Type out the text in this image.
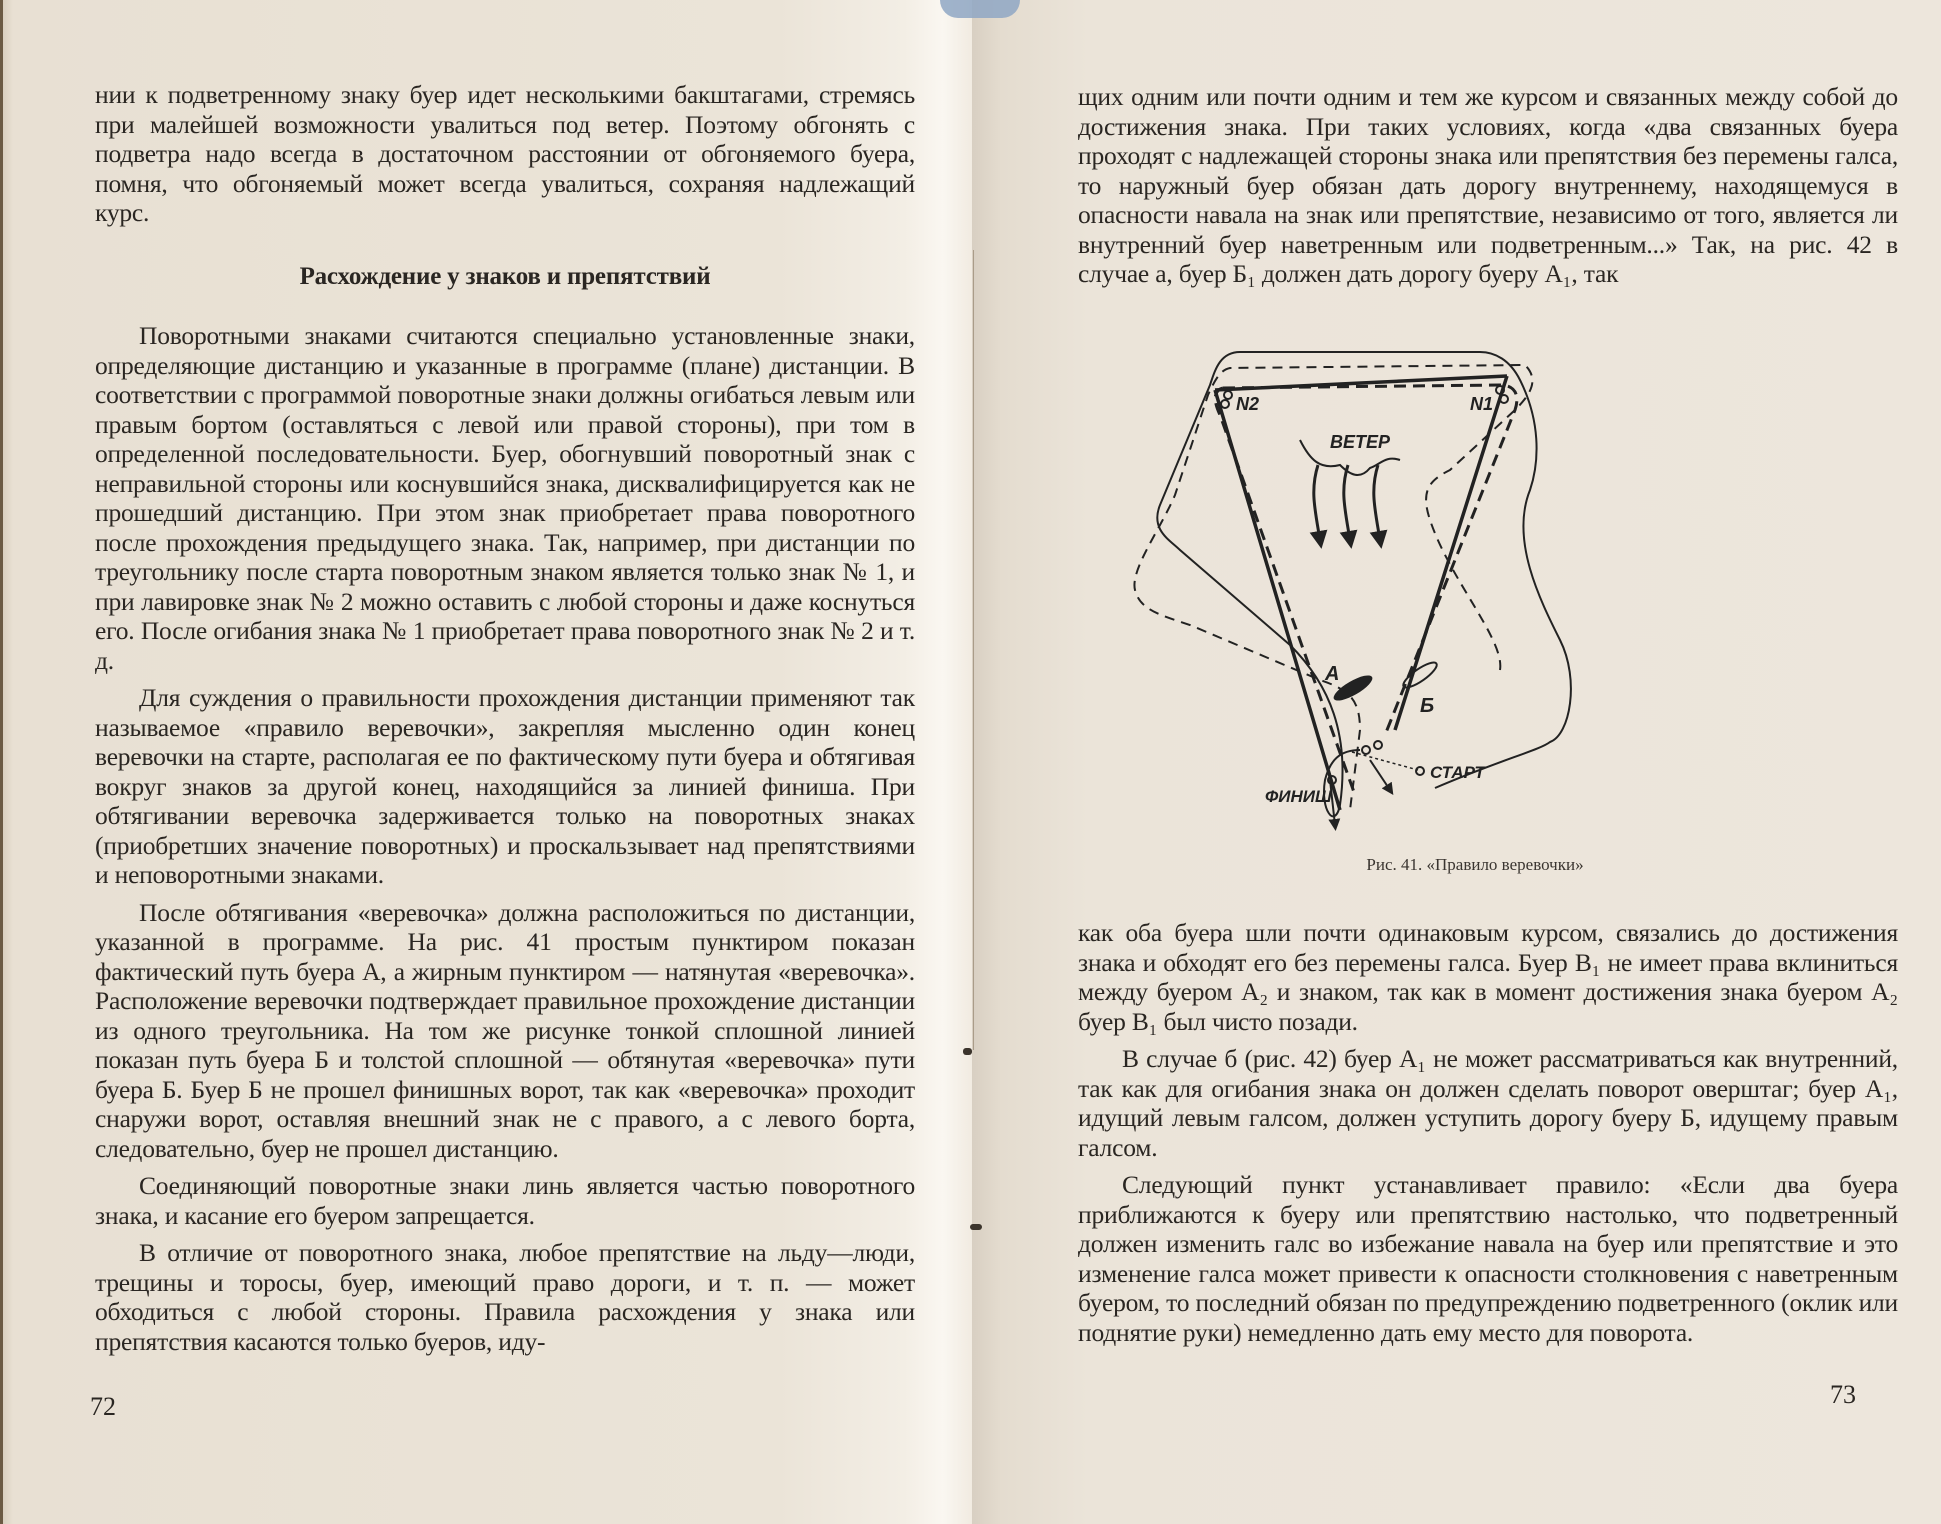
нии к подветренному знаку буер идет несколькими бакштагами, стремясь при малейшей возможности увалиться под ветер. Поэтому обгонять с подветра надо всегда в достаточном расстоянии от обгоняемого буера, помня, что обгоняемый может всегда увалиться, сохраняя надлежащий курс.

Расхождение у знаков и препятствий

Поворотными знаками считаются специально установленные знаки, определяющие дистанцию и указанные в программе (плане) дистанции. В соответствии с программой поворотные знаки должны огибаться левым или правым бортом (оставляться с левой или правой стороны), при том в определенной последовательности. Буер, обогнувший поворотный знак с неправильной стороны или коснувшийся знака, дисквалифицируется как не прошедший дистанцию. При этом знак приобретает права поворотного после прохождения предыдущего знака. Так, например, при дистанции по треугольнику после старта поворотным знаком является только знак № 1, и при лавировке знак № 2 можно оставить с любой стороны и даже коснуться его. После огибания знака № 1 приобретает права поворотного знак № 2 и т. д.

Для суждения о правильности прохождения дистанции применяют так называемое «правило веревочки», закрепляя мысленно один конец веревочки на старте, располагая ее по фактическому пути буера и обтягивая вокруг знаков за другой конец, находящийся за линией финиша. При обтягивании веревочка задерживается только на поворотных знаках (приобретших значение поворотных) и проскальзывает над препятствиями и неповоротными знаками.

После обтягивания «веревочка» должна расположиться по дистанции, указанной в программе. На рис. 41 простым пунктиром показан фактический путь буера А, а жирным пунктиром — натянутая «веревочка». Расположение веревочки подтверждает правильное прохождение дистанции из одного треугольника. На том же рисунке тонкой сплошной линией показан путь буера Б и толстой сплошной — обтянутая «веревочка» пути буера Б. Буер Б не прошел финишных ворот, так как «веревочка» проходит снаружи ворот, оставляя внешний знак не с правого, а с левого борта, следовательно, буер не прошел дистанцию.

Соединяющий поворотные знаки линь является частью поворотного знака, и касание его буером запрещается.

В отличие от поворотного знака, любое препятствие на льду—люди, трещины и торосы, буер, имеющий право дороги, и т. п. — может обходиться с любой стороны. Правила расхождения у знака или препятствия касаются только буеров, иду-

72

щих одним или почти одним и тем же курсом и связанных между собой до достижения знака. При таких условиях, когда «два связанных буера проходят с надлежащей стороны знака или препятствия без перемены галса, то наружный буер обязан дать дорогу внутреннему, находящемуся в опасности навала на знак или препятствие, независимо от того, является ли внутренний буер наветренным или подветренным...» Так, на рис. 42 в случае а, буер Б₁ должен дать дорогу буеру А₁, так

N2	N1
ВЕТЕР
СТАРТ
ФИНИШ
А
Б
Рис. 41. «Правило веревочки»

как оба буера шли почти одинаковым курсом, связались до достижения знака и обходят его без перемены галса. Буер В₁ не имеет права вклиниться между буером А₂ и знаком, так как в момент достижения знака буером А₂ буер В₁ был чисто позади.

В случае б (рис. 42) буер А₁ не может рассматриваться как внутренний, так как для огибания знака он должен сделать поворот оверштаг; буер А₁, идущий левым галсом, должен уступить дорогу буеру Б, идущему правым галсом.

Следующий пункт устанавливает правило: «Если два буера приближаются к буеру или препятствию настолько, что подветренный должен изменить галс во избежание навала на буер или препятствие и это изменение галса может привести к опасности столкновения с наветренным буером, то последний обязан по предупреждению подветренного (оклик или поднятие руки) немедленно дать ему место для поворота.

73
